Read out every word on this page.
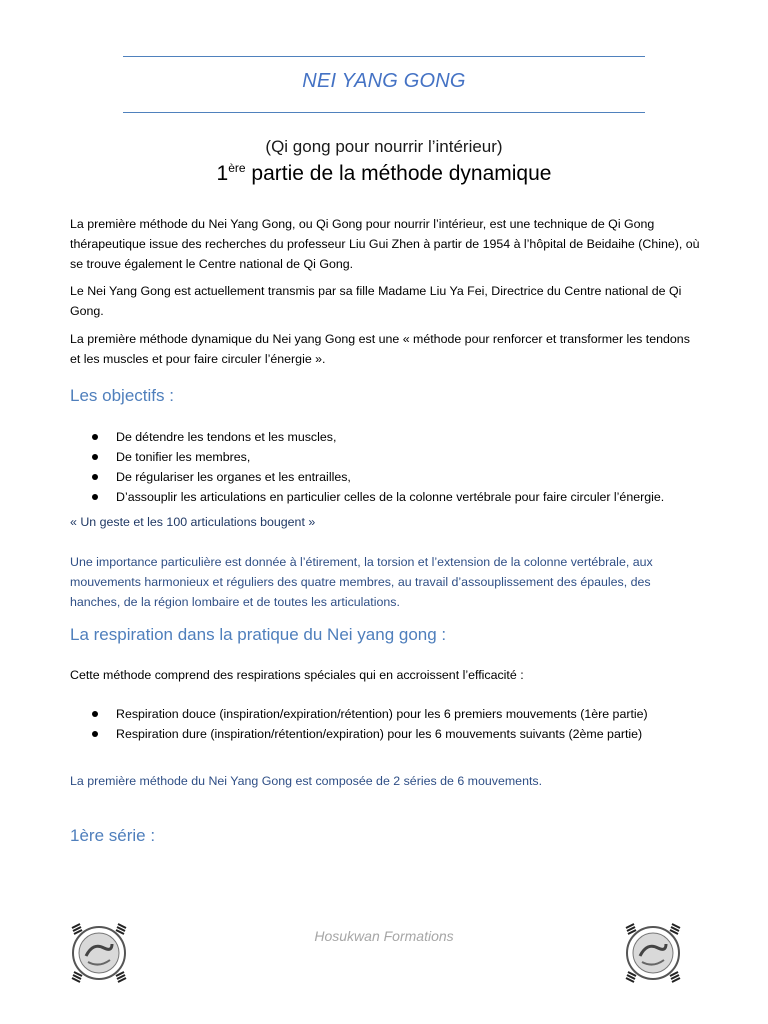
NEI YANG GONG
(Qi gong pour nourrir l’intérieur)
1ère partie de la méthode dynamique

La première méthode du Nei Yang Gong, ou Qi Gong pour nourrir l’intérieur, est une technique de Qi Gong thérapeutique issue des recherches du professeur Liu Gui Zhen à partir de 1954 à l’hôpital de Beidaihe (Chine), où se trouve également le Centre national de Qi Gong.

Le Nei Yang Gong est actuellement transmis par sa fille Madame Liu Ya Fei, Directrice du Centre national de Qi Gong.

La première méthode dynamique du Nei yang Gong est une « méthode pour renforcer et transformer les tendons et les muscles et pour faire circuler l’énergie ».

Les objectifs :
De détendre les tendons et les muscles,
De tonifier les membres,
De régulariser les organes et les entrailles,
D’assouplir les articulations en particulier celles de la colonne vertébrale pour faire circuler l’énergie.
« Un geste et les 100 articulations bougent »

Une importance particulière est donnée à l’étirement, la torsion et l’extension de la colonne vertébrale, aux mouvements harmonieux et réguliers des quatre membres, au travail d’assouplissement des épaules, des hanches, de la région lombaire et de toutes les articulations.

La respiration dans la pratique du Nei yang gong :

Cette méthode comprend des respirations spéciales qui en accroissent l’efficacité :

Respiration douce (inspiration/expiration/rétention) pour les 6 premiers mouvements (1ère partie)
Respiration dure (inspiration/rétention/expiration) pour les 6 mouvements suivants (2ème partie)

La première méthode du Nei Yang Gong est composée de 2 séries de 6 mouvements.

1ère série :
Hosukwan Formations
